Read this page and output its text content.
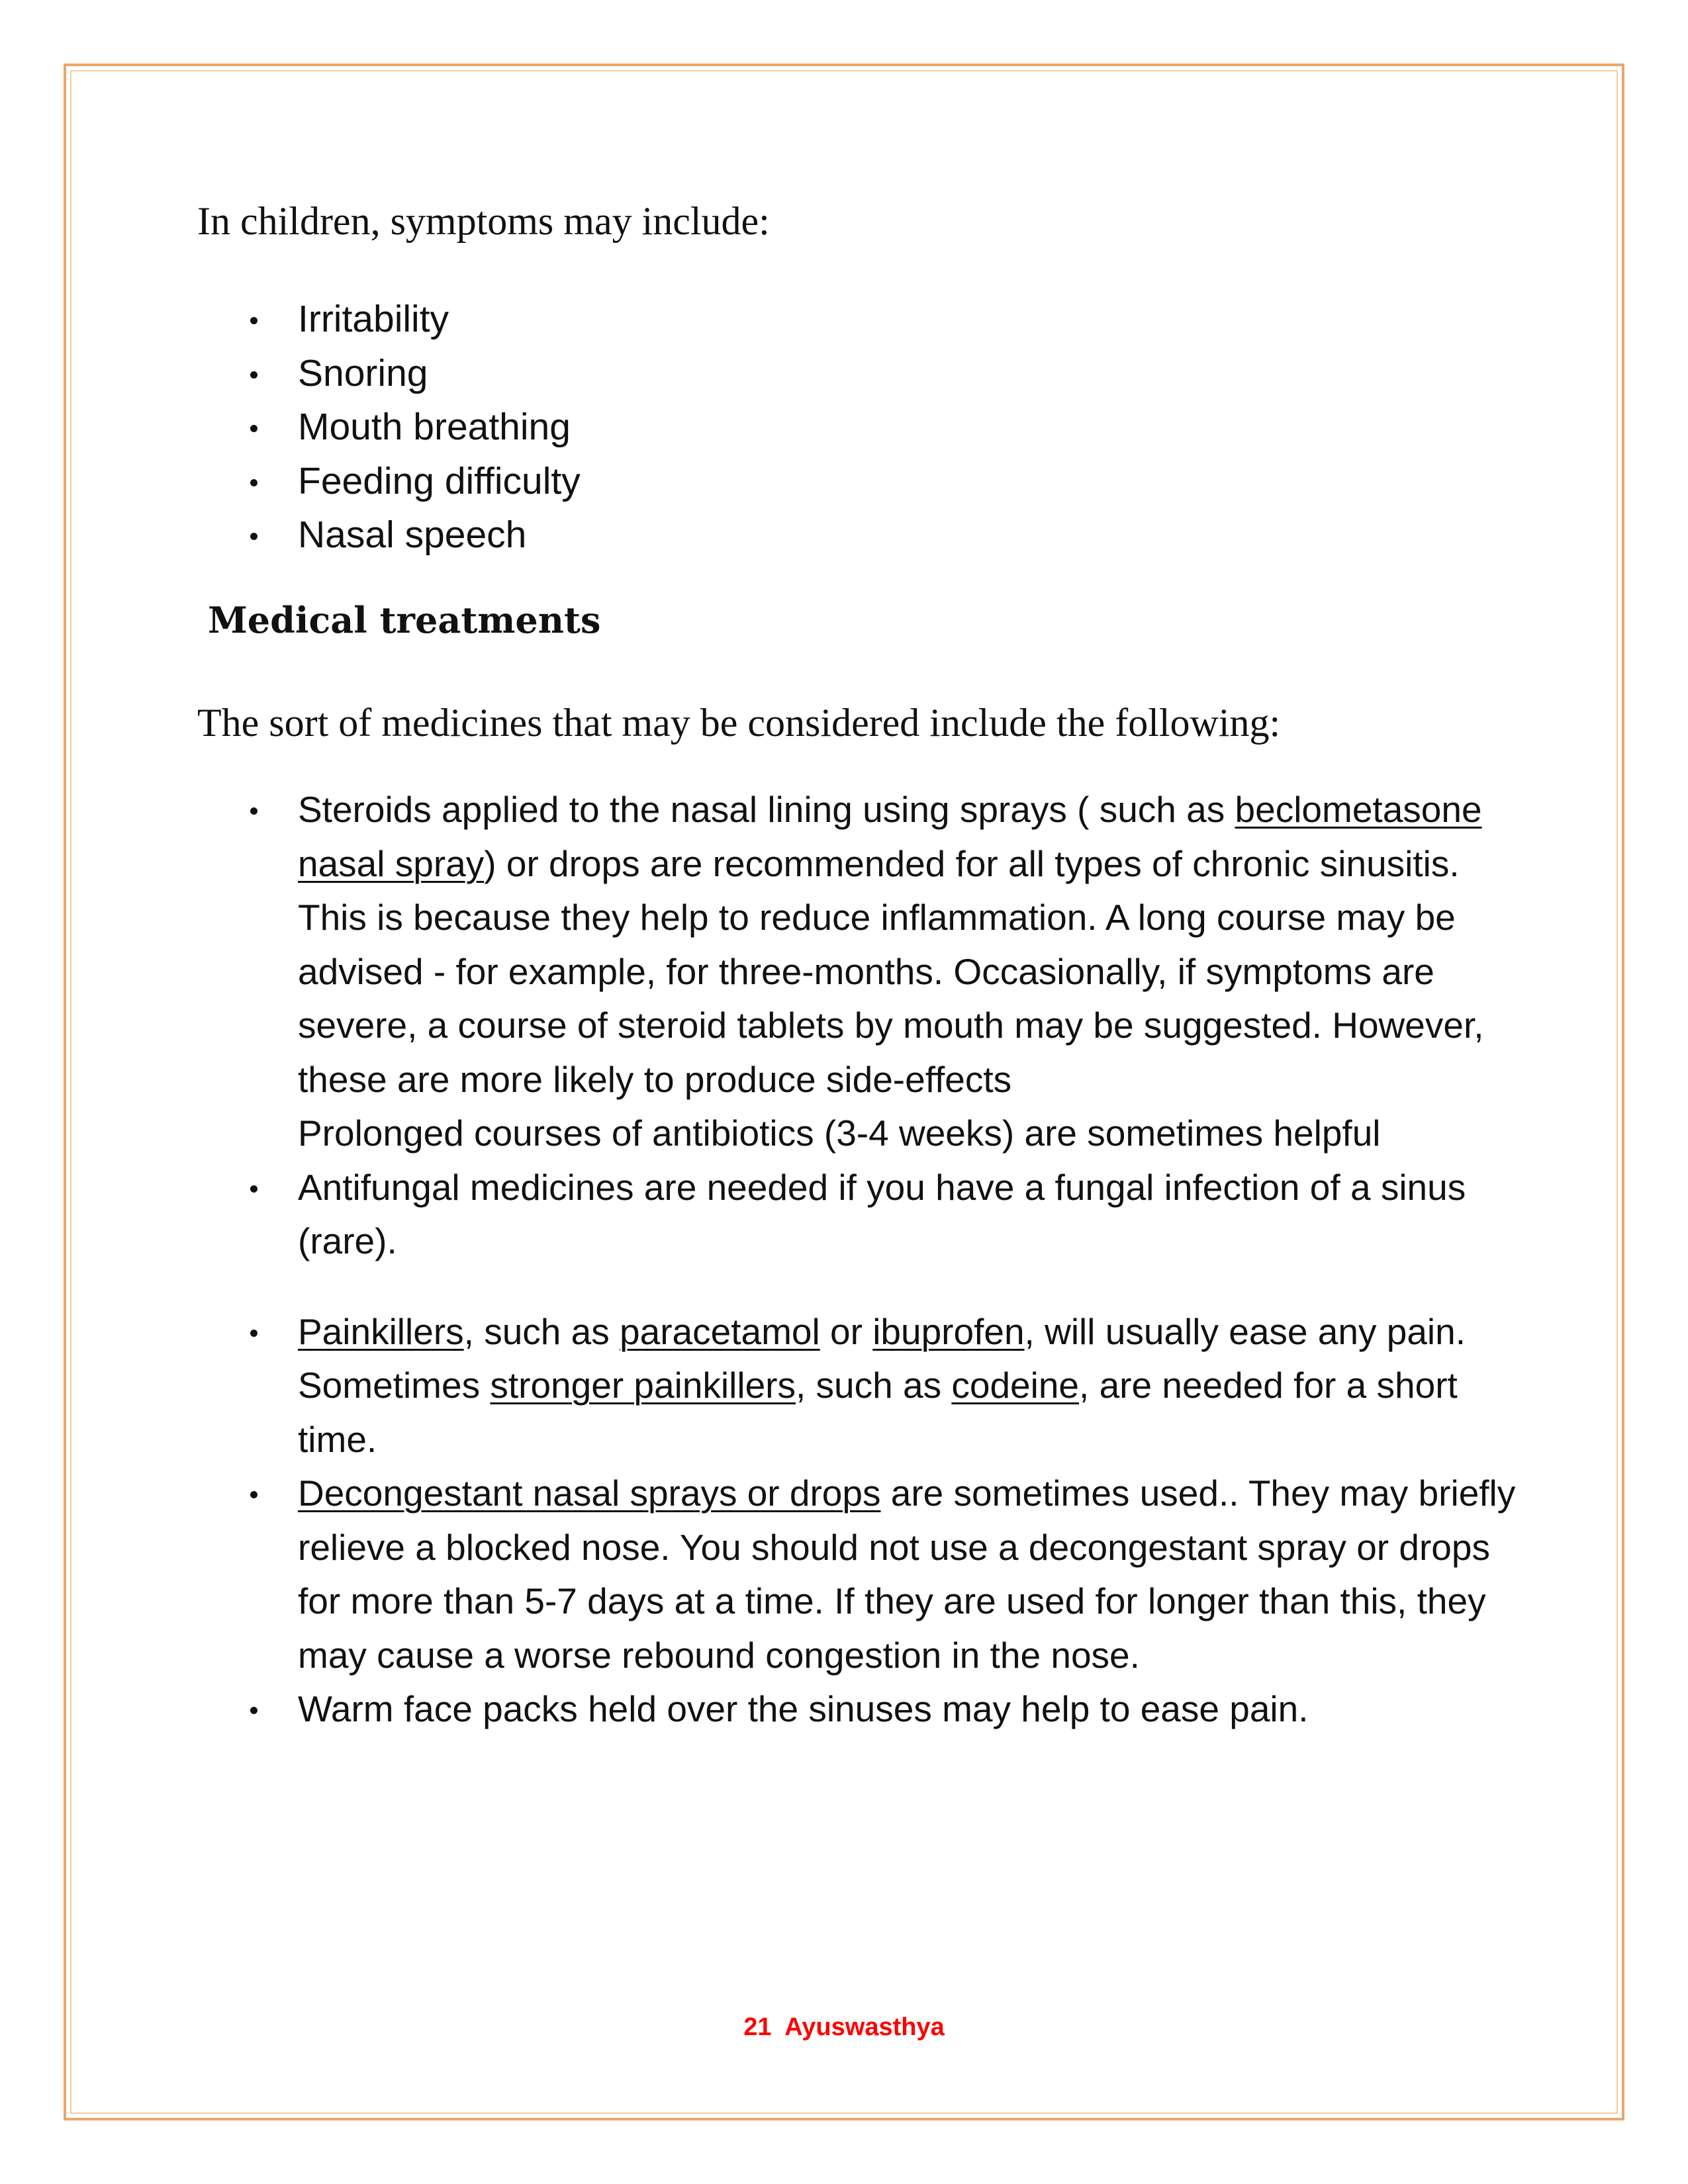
In children, symptoms may include:
Irritability
Snoring
Mouth breathing
Feeding difficulty
Nasal speech
Medical treatments
The sort of medicines that may be considered include the following:
Steroids applied to the nasal lining using sprays ( such as beclometasone nasal spray) or drops are recommended for all types of chronic sinusitis. This is because they help to reduce inflammation. A long course may be advised - for example, for three-months. Occasionally, if symptoms are severe, a course of steroid tablets by mouth may be suggested. However, these are more likely to produce side-effects
Prolonged courses of antibiotics (3-4 weeks) are sometimes helpful
Antifungal medicines are needed if you have a fungal infection of a sinus (rare).
Painkillers, such as paracetamol or ibuprofen, will usually ease any pain. Sometimes stronger painkillers, such as codeine, are needed for a short time.
Decongestant nasal sprays or drops are sometimes used.. They may briefly relieve a blocked nose. You should not use a decongestant spray or drops for more than 5-7 days at a time. If they are used for longer than this, they may cause a worse rebound congestion in the nose.
Warm face packs held over the sinuses may help to ease pain.
21 Ayuswasthya
